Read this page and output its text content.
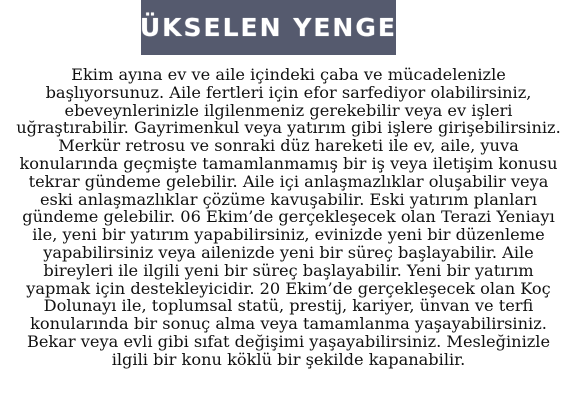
YÜKSELEN YENGEÇ

Ekim ayına ev ve aile içindeki çaba ve mücadelenizle
başlıyorsunuz. Aile fertleri için efor sarfediyor olabilirsiniz,
ebeveynlerinizle ilgilenmeniz gerekebilir veya ev işleri
uğraştırabilir. Gayrimenkul veya yatırım gibi işlere girişebilirsiniz.
Merkür retrosu ve sonraki düz hareketi ile ev, aile, yuva
konularında geçmişte tamamlanmamış bir iş veya iletişim konusu
tekrar gündeme gelebilir. Aile içi anlaşmazlıklar oluşabilir veya
eski anlaşmazlıklar çözüme kavuşabilir. Eski yatırım planları
gündeme gelebilir. 06 Ekim’de gerçekleşecek olan Terazi Yeniayı
ile, yeni bir yatırım yapabilirsiniz, evinizde yeni bir düzenleme
yapabilirsiniz veya ailenizde yeni bir süreç başlayabilir. Aile
bireyleri ile ilgili yeni bir süreç başlayabilir. Yeni bir yatırım
yapmak için destekleyicidir. 20 Ekim’de gerçekleşecek olan Koç
Dolunayı ile, toplumsal statü, prestij, kariyer, ünvan ve terfi
konularında bir sonuç alma veya tamamlanma yaşayabilirsiniz.
Bekar veya evli gibi sıfat değişimi yaşayabilirsiniz. Mesleğinizle
ilgili bir konu köklü bir şekilde kapanabilir.
